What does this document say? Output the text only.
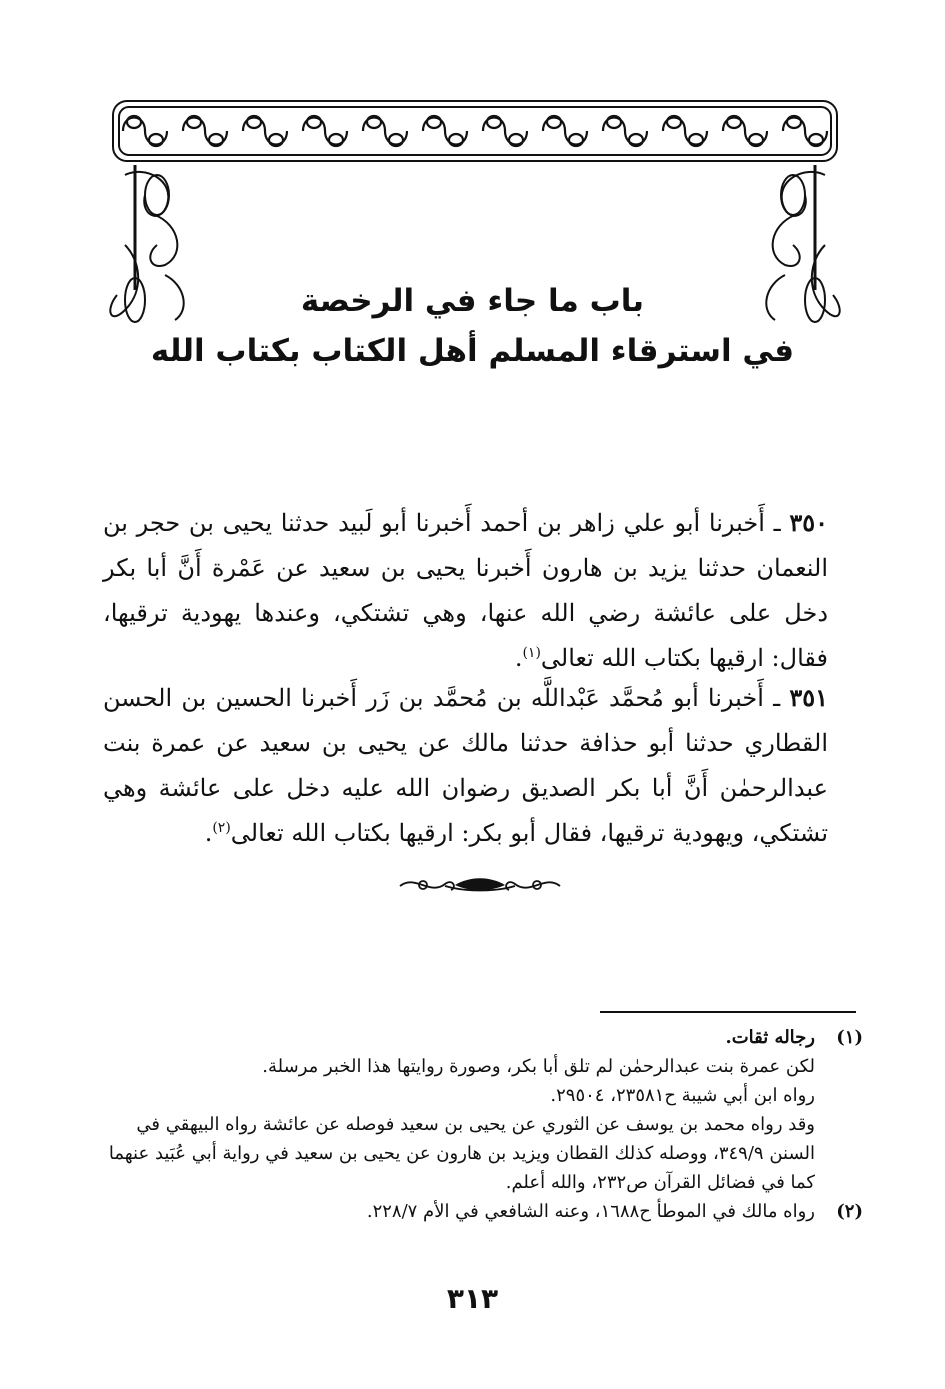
باب ما جاء في الرخصة
في استرقاء المسلم أهل الكتاب بكتاب الله
٣٥٠ ـ أَخبرنا أبو علي زاهر بن أحمد أَخبرنا أبو لَبيد حدثنا يحيى بن حجر بن النعمان حدثنا يزيد بن هارون أَخبرنا يحيى بن سعيد عن عَمْرة أَنَّ أبا بكر دخل على عائشة رضي الله عنها، وهي تشتكي، وعندها يهودية ترقيها، فقال: ارقيها بكتاب الله تعالى$^{(١)}$.
٣٥١ ـ أَخبرنا أبو مُحمَّد عَبْداللَّه بن مُحمَّد بن زَر أَخبرنا الحسين بن الحسن القطاري حدثنا أبو حذافة حدثنا مالك عن يحيى بن سعيد عن عمرة بنت عبدالرحمٰن أَنَّ أبا بكر الصديق رضوان الله عليه دخل على عائشة وهي تشتكي، ويهودية ترقيها، فقال أبو بكر: ارقيها بكتاب الله تعالى$^{(٢)}$.
(١)
رجاله ثقات.
لكن عمرة بنت عبدالرحمٰن لم تلق أبا بكر، وصورة روايتها هذا الخبر مرسلة.
رواه ابن أبي شيبة ح٢٣٥٨١، ٢٩٥٠٤.
وقد رواه محمد بن يوسف عن الثوري عن يحيى بن سعيد فوصله عن عائشة رواه البيهقي في السنن ٣٤٩/٩، ووصله كذلك القطان ويزيد بن هارون عن يحيى بن سعيد في رواية أبي عُبَيد عنهما كما في فضائل القرآن ص٢٣٢، والله أعلم.
(٢)
رواه مالك في الموطأ ح١٦٨٨، وعنه الشافعي في الأم ٢٢٨/٧.
٣١٣
